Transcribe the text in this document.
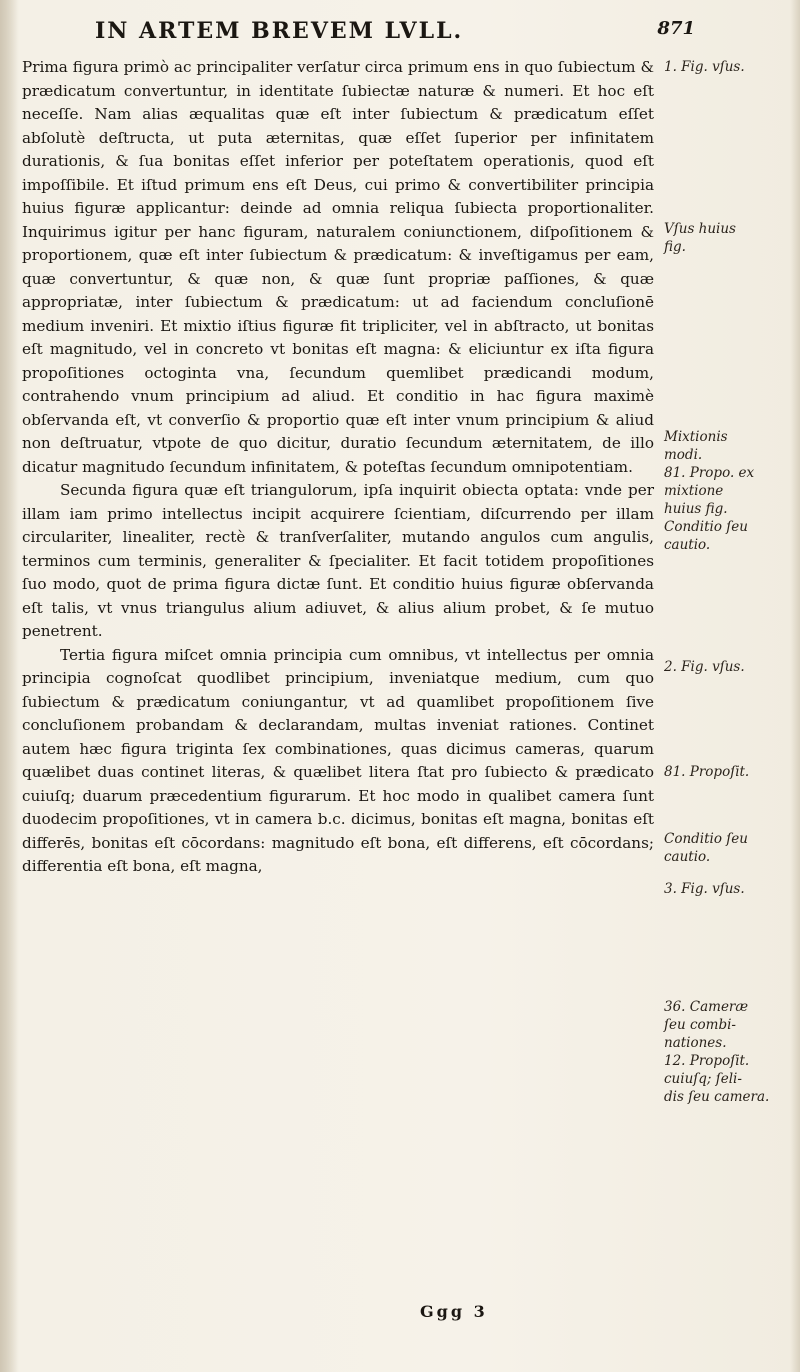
IN ARTEM BREVEM LVLL.	871

Prima figura primò ac principaliter verſatur circa primum ens in quo ſubiectum & prædicatum convertuntur, in identitate ſubiectæ naturæ & numeri. Et hoc eſt neceſſe. Nam alias æqualitas quæ eſt inter ſubiectum & prædicatum eſſet abſolutè deſtructa, ut puta æternitas, quæ eſſet ſuperior per infinitatem durationis, & ſua bonitas eſſet inferior per poteſtatem operationis, quod eſt impoſſibile. Et iſtud primum ens eſt Deus, cui primo & convertibiliter principia huius figuræ applicantur: deinde ad omnia reliqua ſubiecta proportionaliter. Inquirimus igitur per hanc figuram, naturalem coniunctionem, diſpoſitionem & proportionem, quæ eſt inter ſubiectum & prædicatum: & inveſtigamus per eam, quæ convertuntur, & quæ non, & quæ ſunt propriæ paſſiones, & quæ appropriatæ, inter ſubiectum & prædicatum: ut ad faciendum concluſionē medium inveniri. Et mixtio iſtius figuræ fit tripliciter, vel in abſtracto, ut bonitas eſt magnitudo, vel in concreto vt bonitas eſt magna: & eliciuntur ex iſta figura propoſitiones octoginta vna, ſecundum quemlibet prædicandi modum, contrahendo vnum principium ad aliud. Et conditio in hac figura maximè obſervanda eſt, vt converſio & proportio quæ eſt inter vnum principium & aliud non deſtruatur, vtpote de quo dicitur, duratio ſecundum æternitatem, de illo dicatur magnitudo ſecundum infinitatem, & poteſtas ſecundum omnipotentiam.

Secunda figura quæ eſt triangulorum, ipſa inquirit obiecta optata: vnde per illam iam primo intellectus incipit acquirere ſcientiam, diſcurrendo per illam circulariter, linealiter, rectè & tranſverſaliter, mutando angulos cum angulis, terminos cum terminis, generaliter & ſpecialiter. Et facit totidem propoſitiones ſuo modo, quot de prima figura dictæ ſunt. Et conditio huius figuræ obſervanda eſt talis, vt vnus triangulus alium adiuvet, & alius alium probet, & ſe mutuo penetrent.

Tertia figura miſcet omnia principia cum omnibus, vt intellectus per omnia principia cognoſcat quodlibet principium, inveniatque medium, cum quo ſubiectum & prædicatum coniungantur, vt ad quamlibet propoſitionem ſive concluſionem probandam & declarandam, multas inveniat rationes. Continet autem hæc figura triginta ſex combinationes, quas dicimus cameras, quarum quælibet duas continet literas, & quælibet litera ſtat pro ſubiecto & prædicato cuiuſq; duarum præcedentium figurarum. Et hoc modo in qualibet camera ſunt duodecim propoſitiones, vt in camera b.c. dicimus, bonitas eſt magna, bonitas eſt differēs, bonitas eſt cōcordans: magnitudo eſt bona, eſt differens, eſt cōcordans; differentia eſt bona, eſt magna,

1. Fig. vſus.
Vſus huius
fig.
Mixtionis
modi.
81. Propo. ex
mixtione
huius fig.
Conditio ſeu
cautio.
2. Fig. vſus.
81. Propoſit.
Conditio ſeu
cautio.
3. Fig. vſus.
36. Cameræ
ſeu combi-
nationes.
12. Propoſit.
cuiuſq; ſeli-
dis ſeu camera.
Ggg 3
